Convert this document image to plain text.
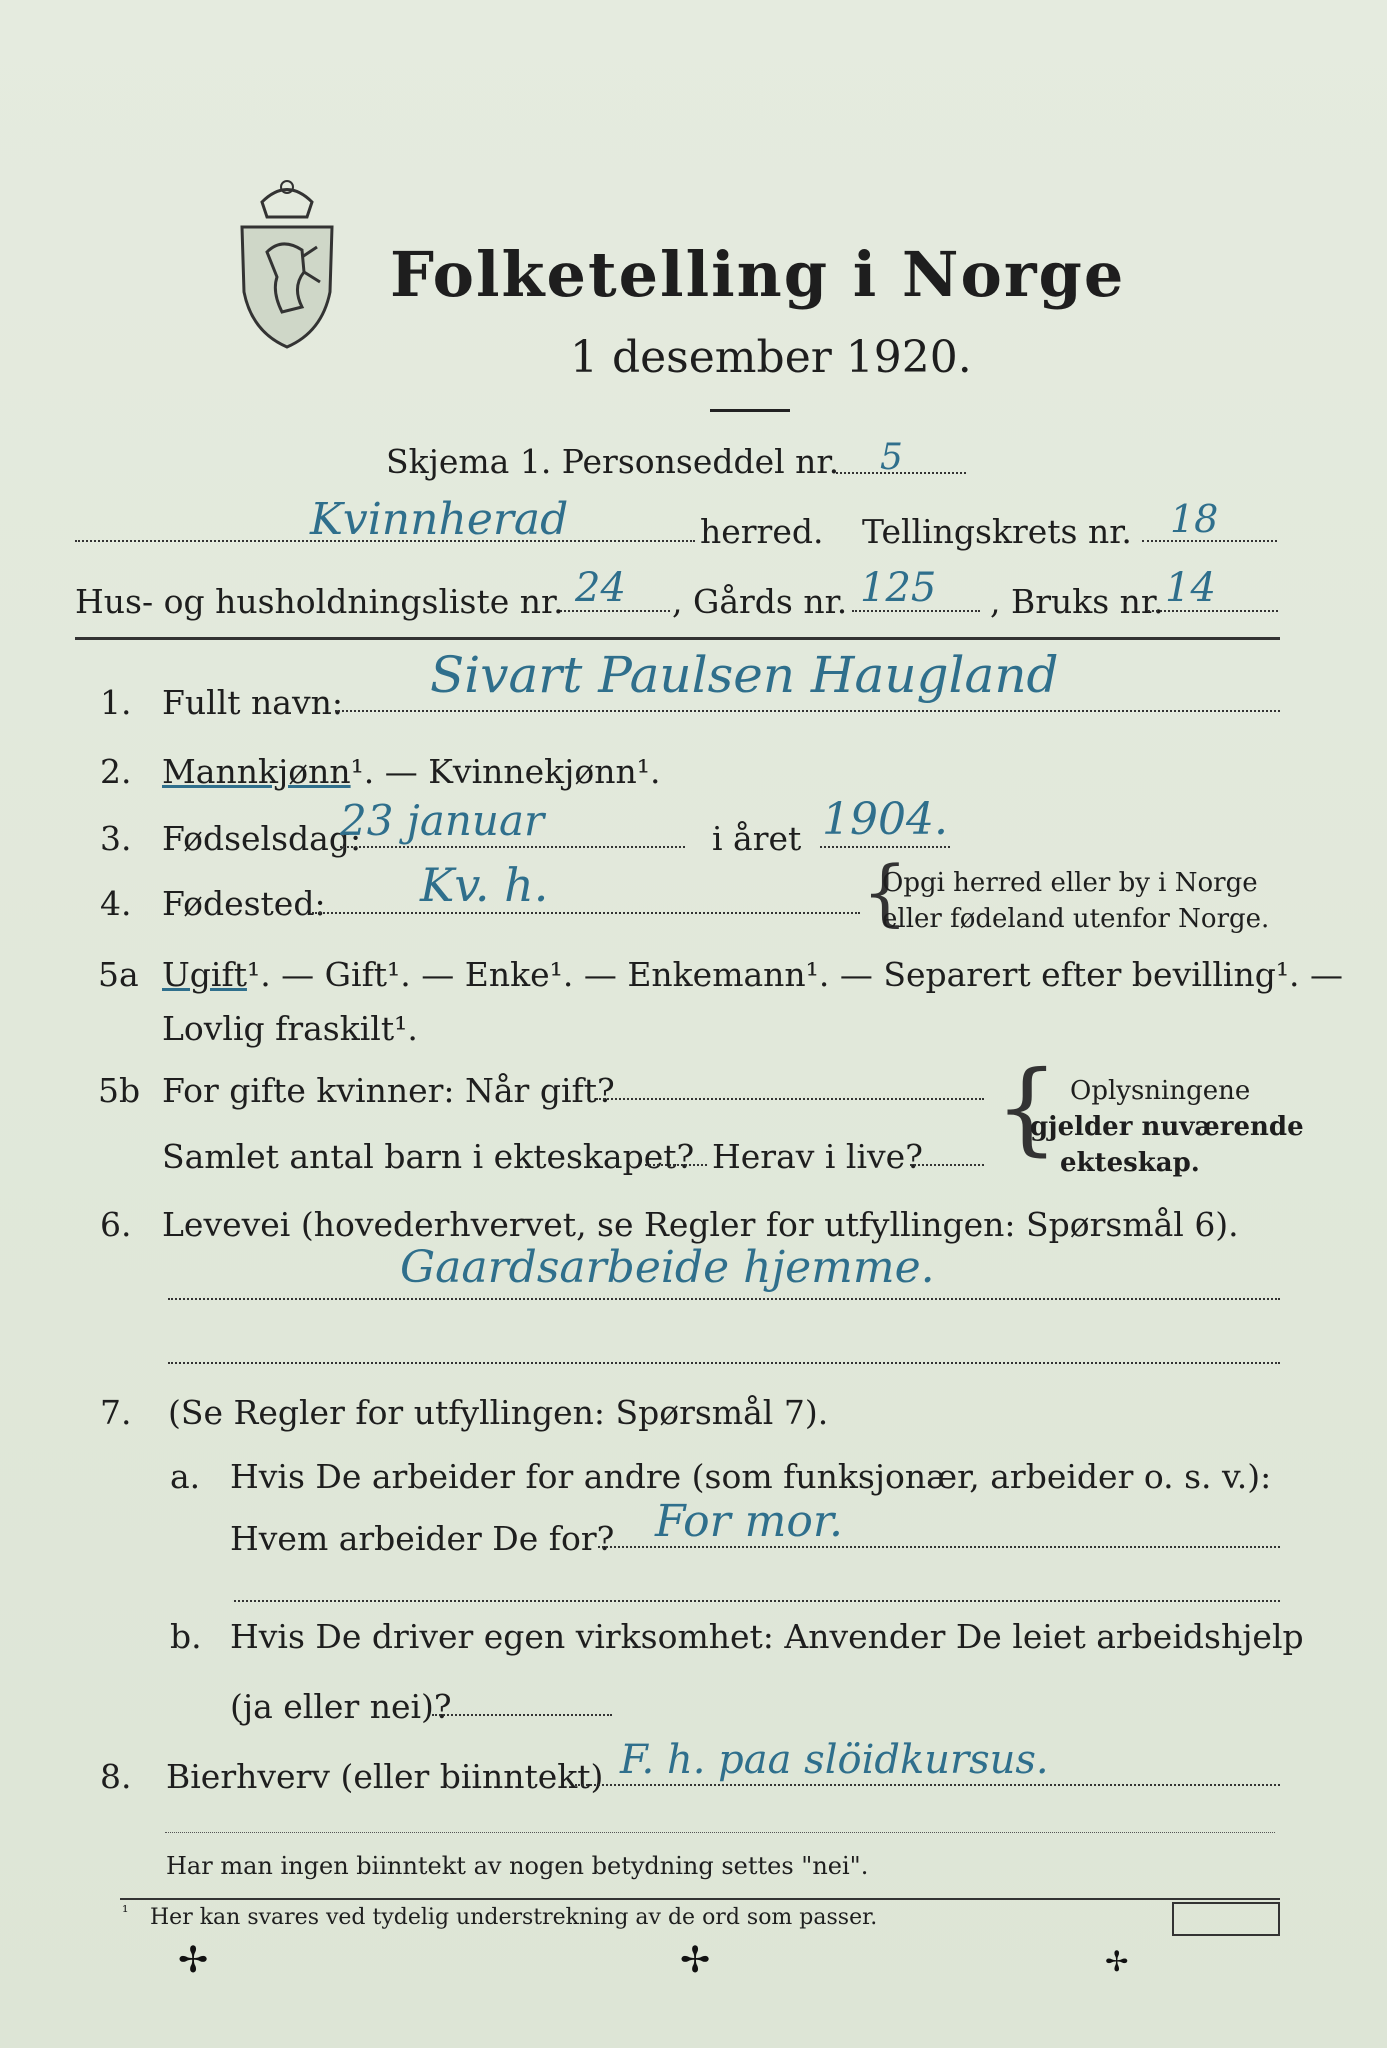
Folketelling i Norge
1 desember 1920.
Skjema 1. Personseddel nr. 5
Kvinnherad	herred. Tellingskrets nr. 18
Hus- og husholdningsliste nr. 24 , Gårds nr. 125 , Bruks nr. 14
1. Fullt navn: Sivart Paulsen Haugland
2. Mannkjønn¹. — Kvinnekjønn¹.
3. Fødselsdag:
23 januar	i året 1904.
4. Fødested: Kv. h.	{
Opgi herred eller by i Norge
eller fødeland utenfor Norge.
5a Ugift¹. — Gift¹. — Enke¹. — Enkemann¹. — Separert efter bevilling¹. —
Lovlig fraskilt¹.
5b For gifte kvinner: Når gift?
Samlet antal barn i ekteskapet? Herav i live? { Oplysningene
gjelder nuværende
ekteskap.
6. Levevei (hovederhvervet, se Regler for utfyllingen: Spørsmål 6).
Gaardsarbeide hjemme.
7. (Se Regler for utfyllingen: Spørsmål 7).
a. Hvis De arbeider for andre (som funksjonær, arbeider o. s. v.):
Hvem arbeider De for? For mor.
b. Hvis De driver egen virksomhet: Anvender De leiet arbeidshjelp
(ja eller nei)?
8. Bierhverv (eller biinntekt) F. h. paa slöidkursus.
Har man ingen biinntekt av nogen betydning settes "nei".
¹ Her kan svares ved tydelig understrekning av de ord som passer.
✢	✢	✢
